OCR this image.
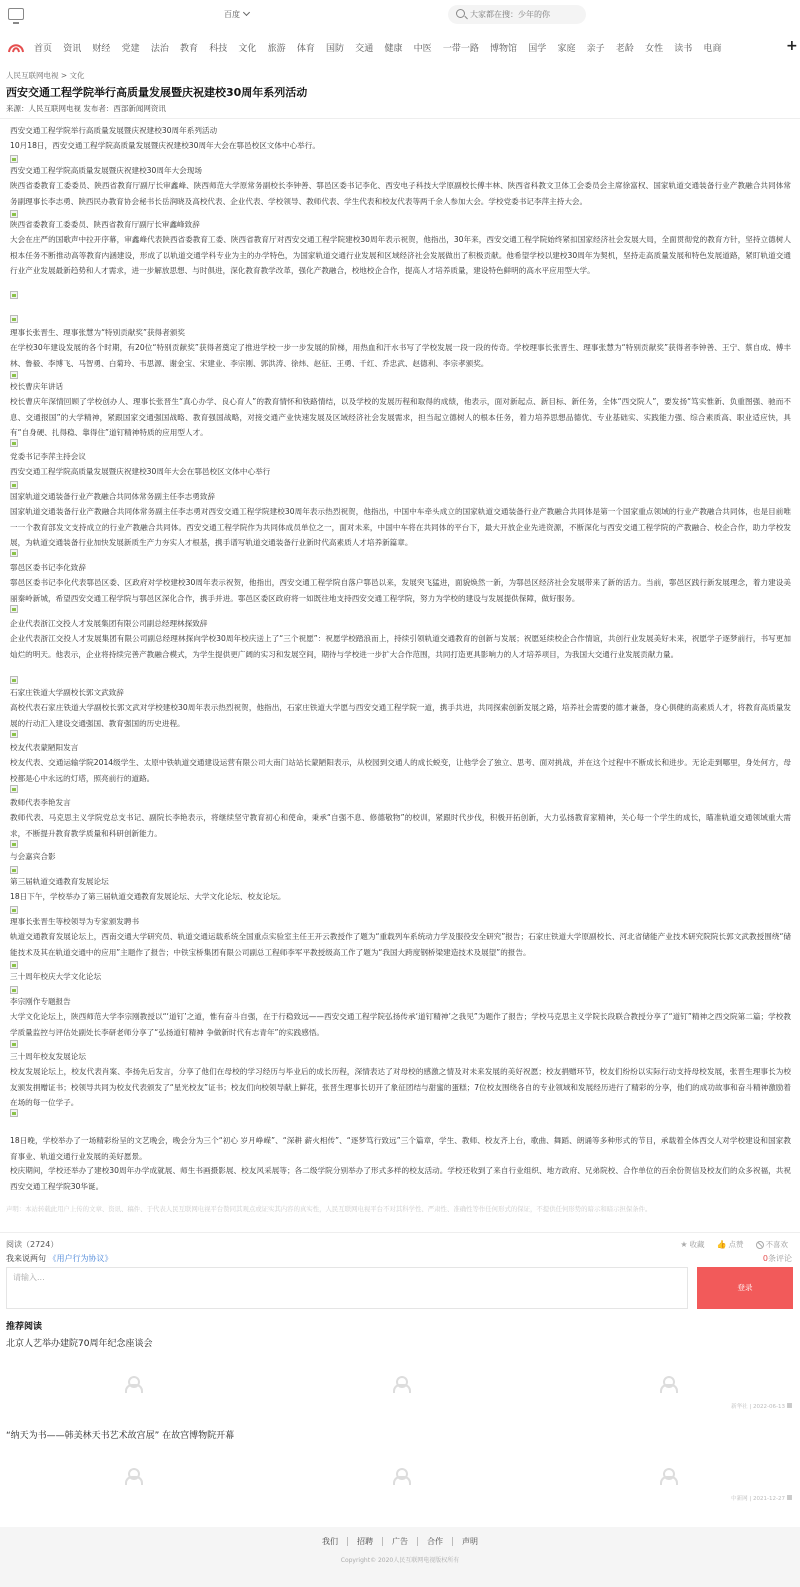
百度	大家都在搜：少年的你
首页 资讯 财经 党建 法治 教育 科技 文化 旅游 体育 国防 交通 健康 中医 一带一路 博物馆 国学 家庭 亲子 老龄 女性 读书 电商	+
人民互联网电视 > 文化
西安交通工程学院举行高质量发展暨庆祝建校30周年系列活动
来源：人民互联网电视 发布者：西部新闻网资讯
西安交通工程学院举行高质量发展暨庆祝建校30周年系列活动
10月18日，西安交通工程学院高质量发展暨庆祝建校30周年大会在鄠邑校区文体中心举行。
西安交通工程学院高质量发展暨庆祝建校30周年大会现场
陕西省委教育工委委员、陕西省教育厅副厅长审鑫峰、陕西师范大学原常务副校长李钟善、鄠邑区委书记李化、西安电子科技大学原副校长傅丰林、陕西省科教文卫体工会委员会主席徐富权、国家轨道交通装备行业产教融合共同体常务副理事长李志勇、陕西民办教育协会秘书长岳润晓及高校代表、企业代表、学校领导、教师代表、学生代表和校友代表等两千余人参加大会。学校党委书记李萍主持大会。
陕西省委教育工委委员、陕西省教育厅副厅长审鑫峰致辞
大会在庄严的国歌声中拉开序幕，审鑫峰代表陕西省委教育工委、陕西省教育厅对西安交通工程学院建校30周年表示祝贺，他指出，30年来，西安交通工程学院始终紧扣国家经济社会发展大局，全面贯彻党的教育方针，坚持立德树人根本任务不断推动高等教育内涵建设，形成了以轨道交通学科专业为主的办学特色，为国家轨道交通行业发展和区域经济社会发展做出了积极贡献。他希望学校以建校30周年为契机，坚持走高质量发展和特色发展道路，紧盯轨道交通行业产业发展最新趋势和人才需求，进一步解放思想、与时俱进，深化教育教学改革，强化产教融合，校地校企合作，提高人才培养质量，建设特色鲜明的高水平应用型大学。
理事长张晋生、理事张慧为“特别贡献奖”获得者颁奖
在学校30年建设发展的各个时期，有20位“特别贡献奖”获得者奠定了推进学校一步一步发展的阶梯，用热血和汗水书写了学校发展一段一段的传奇。学校理事长张晋生、理事张慧为“特别贡献奖”获得者李钟善、王宁、蔡自成、傅丰林、鲁毅、李博飞、马智勇、白菊玲、韦思源、谢金宝、宋建业、李宗刚、郭洪涛、徐炜、赵征、王勇、千红、乔忠武、赵德利、李宗孝颁奖。
校长曹庆年讲话
校长曹庆年深情回顾了学校创办人、理事长张晋生“真心办学、良心育人”的教育情怀和铁路情结，以及学校的发展历程和取得的成绩，他表示，面对新起点、新目标、新任务，全体“西交院人”，要发扬“笃实惟新、负重图强、驰而不息、交通报国”的大学精神，紧跟国家交通强国战略、教育强国战略，对接交通产业快速发展及区域经济社会发展需求，担当起立德树人的根本任务，着力培养思想品德优、专业基础实、实践能力强、综合素质高、职业适应快，具有“自身硬、扎得稳、靠得住”道钉精神特质的应用型人才。
党委书记李萍主持会议
西安交通工程学院高质量发展暨庆祝建校30周年大会在鄠邑校区文体中心举行
国家轨道交通装备行业产教融合共同体常务副主任李志勇致辞
国家轨道交通装备行业产教融合共同体常务副主任李志勇对西安交通工程学院建校30周年表示热烈祝贺，他指出，中国中车牵头成立的国家轨道交通装备行业产教融合共同体是第一个国家重点领域的行业产教融合共同体，也是目前唯一一个教育部发文支持成立的行业产教融合共同体。西安交通工程学院作为共同体成员单位之一，面对未来，中国中车将在共同体的平台下，最大开放企业先进资源，不断深化与西安交通工程学院的产教融合、校企合作，助力学校发展，为轨道交通装备行业加快发展新质生产力夯实人才根基，携手谱写轨道交通装备行业新时代高素质人才培养新篇章。
鄠邑区委书记李化致辞
鄠邑区委书记李化代表鄠邑区委、区政府对学校建校30周年表示祝贺，他指出，西安交通工程学院自落户鄠邑以来，发展突飞猛进，面貌焕然一新，为鄠邑区经济社会发展带来了新的活力。当前，鄠邑区践行新发展理念，着力建设美丽秦岭新城，希望西安交通工程学院与鄠邑区深化合作，携手并进。鄠邑区委区政府将一如既往地支持西安交通工程学院，努力为学校的建设与发展提供保障，做好服务。
企业代表浙江交投人才发展集团有限公司副总经理林探致辞
企业代表浙江交投人才发展集团有限公司副总经理林探向学校30周年校庆送上了“三个祝愿”：祝愿学校踏浪而上，持续引领轨道交通教育的创新与发展；祝愿延续校企合作情谊，共创行业发展美好未来，祝愿学子逐梦前行，书写更加灿烂的明天。他表示，企业将持续完善产教融合模式，为学生提供更广阔的实习和发展空间，期待与学校进一步扩大合作范围，共同打造更具影响力的人才培养项目，为我国大交通行业发展贡献力量。
石家庄铁道大学副校长郭文武致辞
高校代表石家庄铁道大学副校长郭文武对学校建校30周年表示热烈祝贺，他指出，石家庄铁道大学愿与西安交通工程学院一道，携手共进，共同探索创新发展之路，培养社会需要的德才兼备，身心俱健的高素质人才，将教育高质量发展的行动汇入建设交通强国、教育强国的历史进程。
校友代表蒙陋阳发言
校友代表、交通运输学院2014级学生、太原中铁轨道交通建设运营有限公司大南门站站长蒙陋阳表示，从校园到交通人的成长蜕变，让他学会了独立、思考、面对挑战，并在这个过程中不断成长和进步。无论走到哪里，身处何方，母校都是心中永远的灯塔，照亮前行的道路。
教师代表李艳发言
教师代表、马克思主义学院党总支书记、副院长李艳表示，将继续坚守教育初心和使命，秉承“自强不息、修德敬物”的校训，紧跟时代步伐，积极开拓创新，大力弘扬教育家精神，关心每一个学生的成长，瞄准轨道交通领域重大需求，不断提升教育教学质量和科研创新能力。
与会嘉宾合影
第三届轨道交通教育发展论坛
18日下午，学校举办了第三届轨道交通教育发展论坛、大学文化论坛、校友论坛。
理事长张晋生等校领导为专家颁发聘书
轨道交通教育发展论坛上，西南交通大学研究员、轨道交通运载系统全国重点实验室主任王开云教授作了题为“重载列车系统动力学及服役安全研究”报告；石家庄铁道大学原副校长、河北省储能产业技术研究院院长郭文武教授围绕“储能技术及其在轨道交通中的应用”主题作了报告；中铁宝桥集团有限公司副总工程师李军平教授级高工作了题为“我国大跨度钢桥梁建造技术及展望”的报告。
三十周年校庆大学文化论坛
李宗刚作专题报告
大学文化论坛上，陕西师范大学李宗刚教授以“‘道钉’之道，惟有奋斗自强，在于行稳致远——西安交通工程学院弘扬传承‘道钉精神’之我见”为题作了报告；学校马克思主义学院长段联合教授分享了“道钉”精神之西交院第二篇；学校教学质量监控与评估处副处长李研老师分享了“弘扬道钉精神 争做新时代有志青年”的实践感悟。
三十周年校友发展论坛
校友发展论坛上，校友代表肖案、李扬先后发言，分享了他们在母校的学习经历与毕业后的成长历程，深情表达了对母校的感激之情及对未来发展的美好祝愿；校友捐赠环节，校友们纷纷以实际行动支持母校发展，张晋生理事长为校友颁发捐赠证书；校领导共同为校友代表颁发了“星光校友”证书；校友们向校领导献上鲜花，张晋生理事长切开了象征团结与甜蜜的蛋糕；7位校友围绕各自的专业领域和发展经历进行了精彩的分享，他们的成功故事和奋斗精神激励着在场的每一位学子。
18日晚，学校举办了一场精彩纷呈的文艺晚会，晚会分为三个“初心 岁月峥嵘”、“深耕 薪火相传”、“逐梦笃行致远”三个篇章，学生、教师、校友齐上台，歌曲、舞蹈、朗诵等多种形式的节目，承载着全体西交人对学校建设和国家教育事业、轨道交通行业发展的美好愿景。
校庆期间，学校还举办了建校30周年办学成就展、师生书画摄影展、校友风采展等；各二级学院分别举办了形式多样的校友活动。学校还收到了来自行业组织、地方政府、兄弟院校、合作单位的百余份贺信及校友们的众多祝福，共祝西安交通工程学院30华诞。
声明：本站转载此用户上传的文章、资讯、稿件、于代表人民互联网电视平台赞同其观点或证实其内容的真实性，人民互联网电视平台不对其科学性、严肃性、准确性等作任何形式的保证，不提供任何形势的暗示和暗示担保条件。
阅读（2724）	★ 收藏 👍 点赞	不喜欢
我来说两句 《用户行为协议》	0条评论
请输入...
登录
推荐阅读
北京人艺举办建院70周年纪念座谈会
新华社 | 2022-06-13
“纳天为书——韩美林天书艺术故宫展” 在故宫博物院开幕
中新网 | 2021-12-27
我们 招聘 广告 合作 声明
Copyright© 2020人民互联网电视版权所有
